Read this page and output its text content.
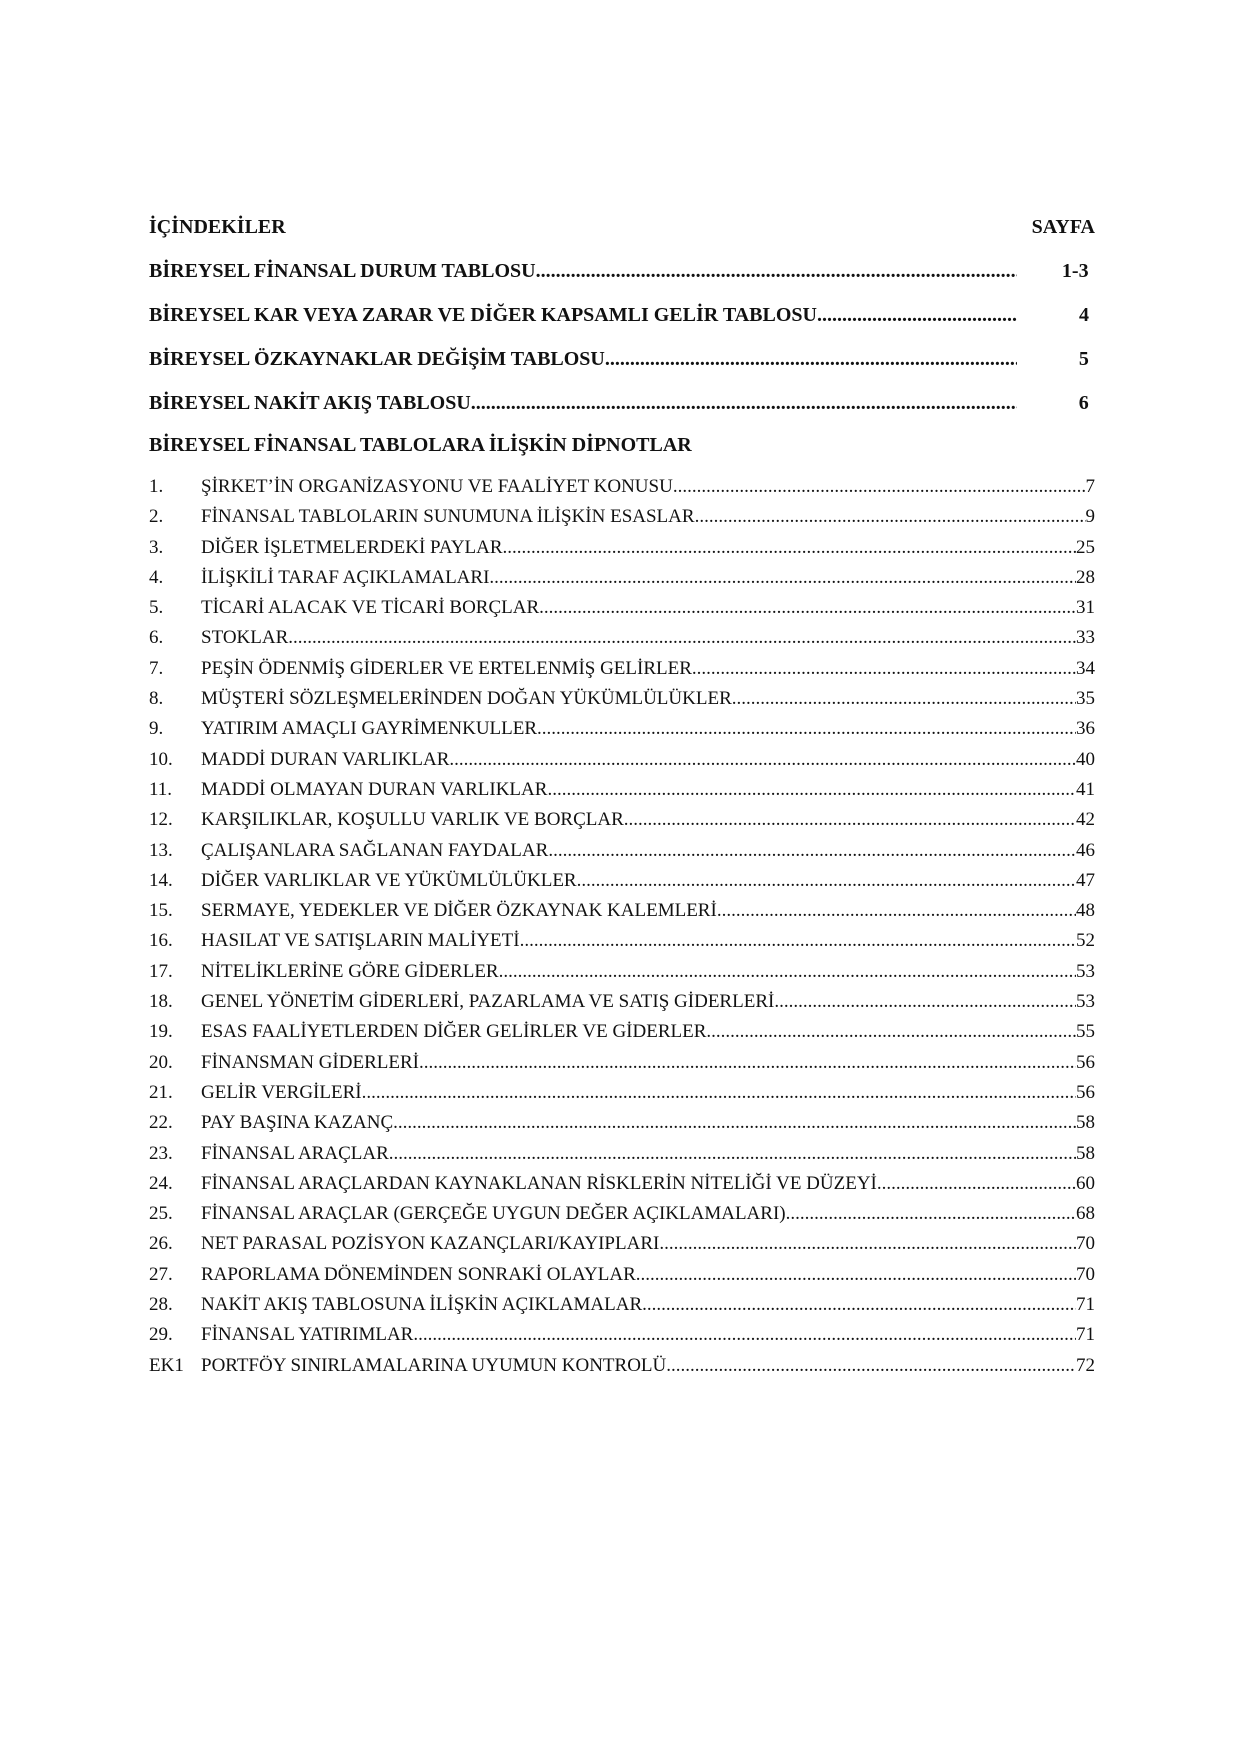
İÇİNDEKİLER	SAYFA
BİREYSEL FİNANSAL DURUM TABLOSU .....	1-3
BİREYSEL KAR VEYA ZARAR VE DİĞER KAPSAMLI GELİR TABLOSU .....	4
BİREYSEL ÖZKAYNAKLAR DEĞİŞİM TABLOSU .....	5
BİREYSEL NAKİT AKIŞ TABLOSU .....	6
BİREYSEL FİNANSAL TABLOLARA İLİŞKİN DİPNOTLAR
1.	ŞİRKET’İN ORGANİZASYONU VE FAALİYET KONUSU .....	7
2.	FİNANSAL TABLOLARIN SUNUMUNA İLİŞKİN ESASLAR .....	9
3.	DİĞER İŞLETMELERDEKİ PAYLAR .....	25
4.	İLİŞKİLİ TARAF AÇIKLAMALARI .....	28
5.	TİCARİ ALACAK VE TİCARİ BORÇLAR .....	31
6.	STOKLAR .....	33
7.	PEŞİN ÖDENMİŞ GİDERLER VE ERTELENMİŞ GELİRLER .....	34
8.	MÜŞTERİ SÖZLEŞMELERİNDEN DOĞAN YÜKÜMLÜLÜKLER .....	35
9.	YATIRIM AMAÇLI GAYRİMENKULLER .....	36
10.	MADDİ DURAN VARLIKLAR .....	40
11.	MADDİ OLMAYAN DURAN VARLIKLAR .....	41
12.	KARŞILIKLAR, KOŞULLU VARLIK VE BORÇLAR .....	42
13.	ÇALIŞANLARA SAĞLANAN FAYDALAR .....	46
14.	DİĞER VARLIKLAR VE YÜKÜMLÜLÜKLER .....	47
15.	SERMAYE, YEDEKLER VE DİĞER ÖZKAYNAK KALEMLERİ .....	48
16.	HASILAT VE SATIŞLARIN MALİYETİ .....	52
17.	NİTELİKLERİNE GÖRE GİDERLER .....	53
18.	GENEL YÖNETİM GİDERLERİ, PAZARLAMA VE SATIŞ GİDERLERİ .....	53
19.	ESAS FAALİYETLERDEN DİĞER GELİRLER VE GİDERLER .....	55
20.	FİNANSMAN GİDERLERİ .....	56
21.	GELİR VERGİLERİ .....	56
22.	PAY BAŞINA KAZANÇ .....	58
23.	FİNANSAL ARAÇLAR .....	58
24.	FİNANSAL ARAÇLARDAN KAYNAKLANAN RİSKLERİN NİTELİĞİ VE DÜZEYİ .....	60
25.	FİNANSAL ARAÇLAR (GERÇEĞE UYGUN DEĞER AÇIKLAMALARI) .....	68
26.	NET PARASAL POZİSYON KAZANÇLARI/KAYIPLARI .....	70
27.	RAPORLAMA DÖNEMİNDEN SONRAKİ OLAYLAR .....	70
28.	NAKİT AKIŞ TABLOSUNA İLİŞKİN AÇIKLAMALAR .....	71
29.	FİNANSAL YATIRIMLAR .....	71
EK1 PORTFÖY SINIRLAMALARINA UYUMUN KONTROLÜ .....	72
